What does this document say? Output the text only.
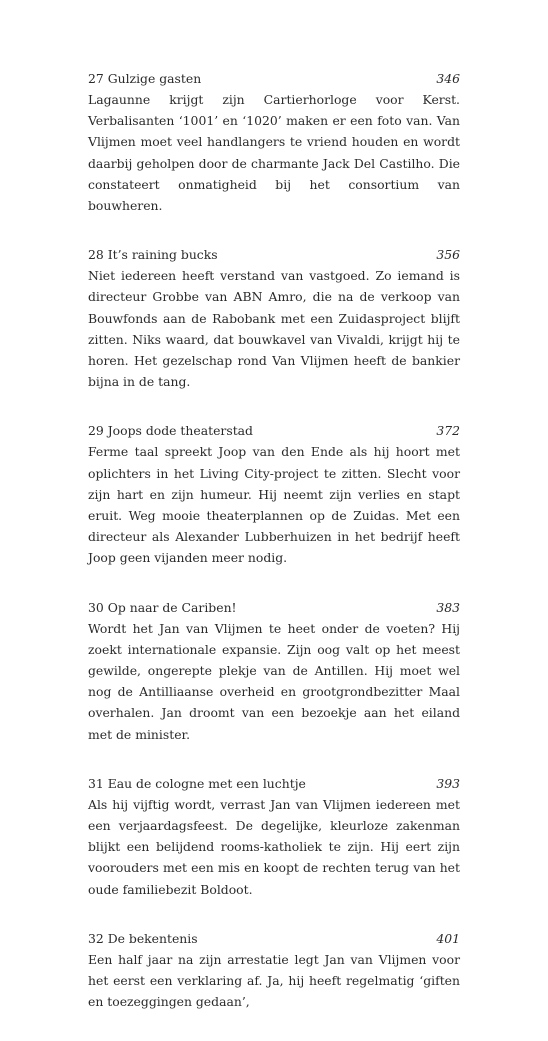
27 Gulzige gasten	346

Lagaunne krijgt zijn Cartierhorloge voor Kerst. Verbalisanten ‘1001’ en ‘1020’ maken er een foto van. Van Vlijmen moet veel handlangers te vriend houden en wordt daarbij geholpen door de charmante Jack Del Castilho. Die constateert onmatigheid bij het consortium van bouwheren.

28 It’s raining bucks	356

Niet iedereen heeft verstand van vastgoed. Zo iemand is directeur Grobbe van ABN Amro, die na de verkoop van Bouwfonds aan de Rabobank met een Zuidasproject blijft zitten. Niks waard, dat bouwkavel van Vivaldi, krijgt hij te horen. Het gezelschap rond Van Vlijmen heeft de bankier bijna in de tang.

29 Joops dode theaterstad	372

Ferme taal spreekt Joop van den Ende als hij hoort met oplichters in het Living City-project te zitten. Slecht voor zijn hart en zijn humeur. Hij neemt zijn verlies en stapt eruit. Weg mooie theaterplannen op de Zuidas. Met een directeur als Alexander Lubberhuizen in het bedrijf heeft Joop geen vijanden meer nodig.

30 Op naar de Cariben!	383

Wordt het Jan van Vlijmen te heet onder de voeten? Hij zoekt internationale expansie. Zijn oog valt op het meest gewilde, ongerepte plekje van de Antillen. Hij moet wel nog de Antilliaanse overheid en grootgrondbezitter Maal overhalen. Jan droomt van een bezoekje aan het eiland met de minister.

31 Eau de cologne met een luchtje	393

Als hij vijftig wordt, verrast Jan van Vlijmen iedereen met een verjaardagsfeest. De degelijke, kleurloze zakenman blijkt een belijdend rooms-katholiek te zijn. Hij eert zijn voorouders met een mis en koopt de rechten terug van het oude familiebezit Boldoot.

32 De bekentenis	401

Een half jaar na zijn arrestatie legt Jan van Vlijmen voor het eerst een verklaring af. Ja, hij heeft regelmatig ‘giften en toezeggingen gedaan’,
